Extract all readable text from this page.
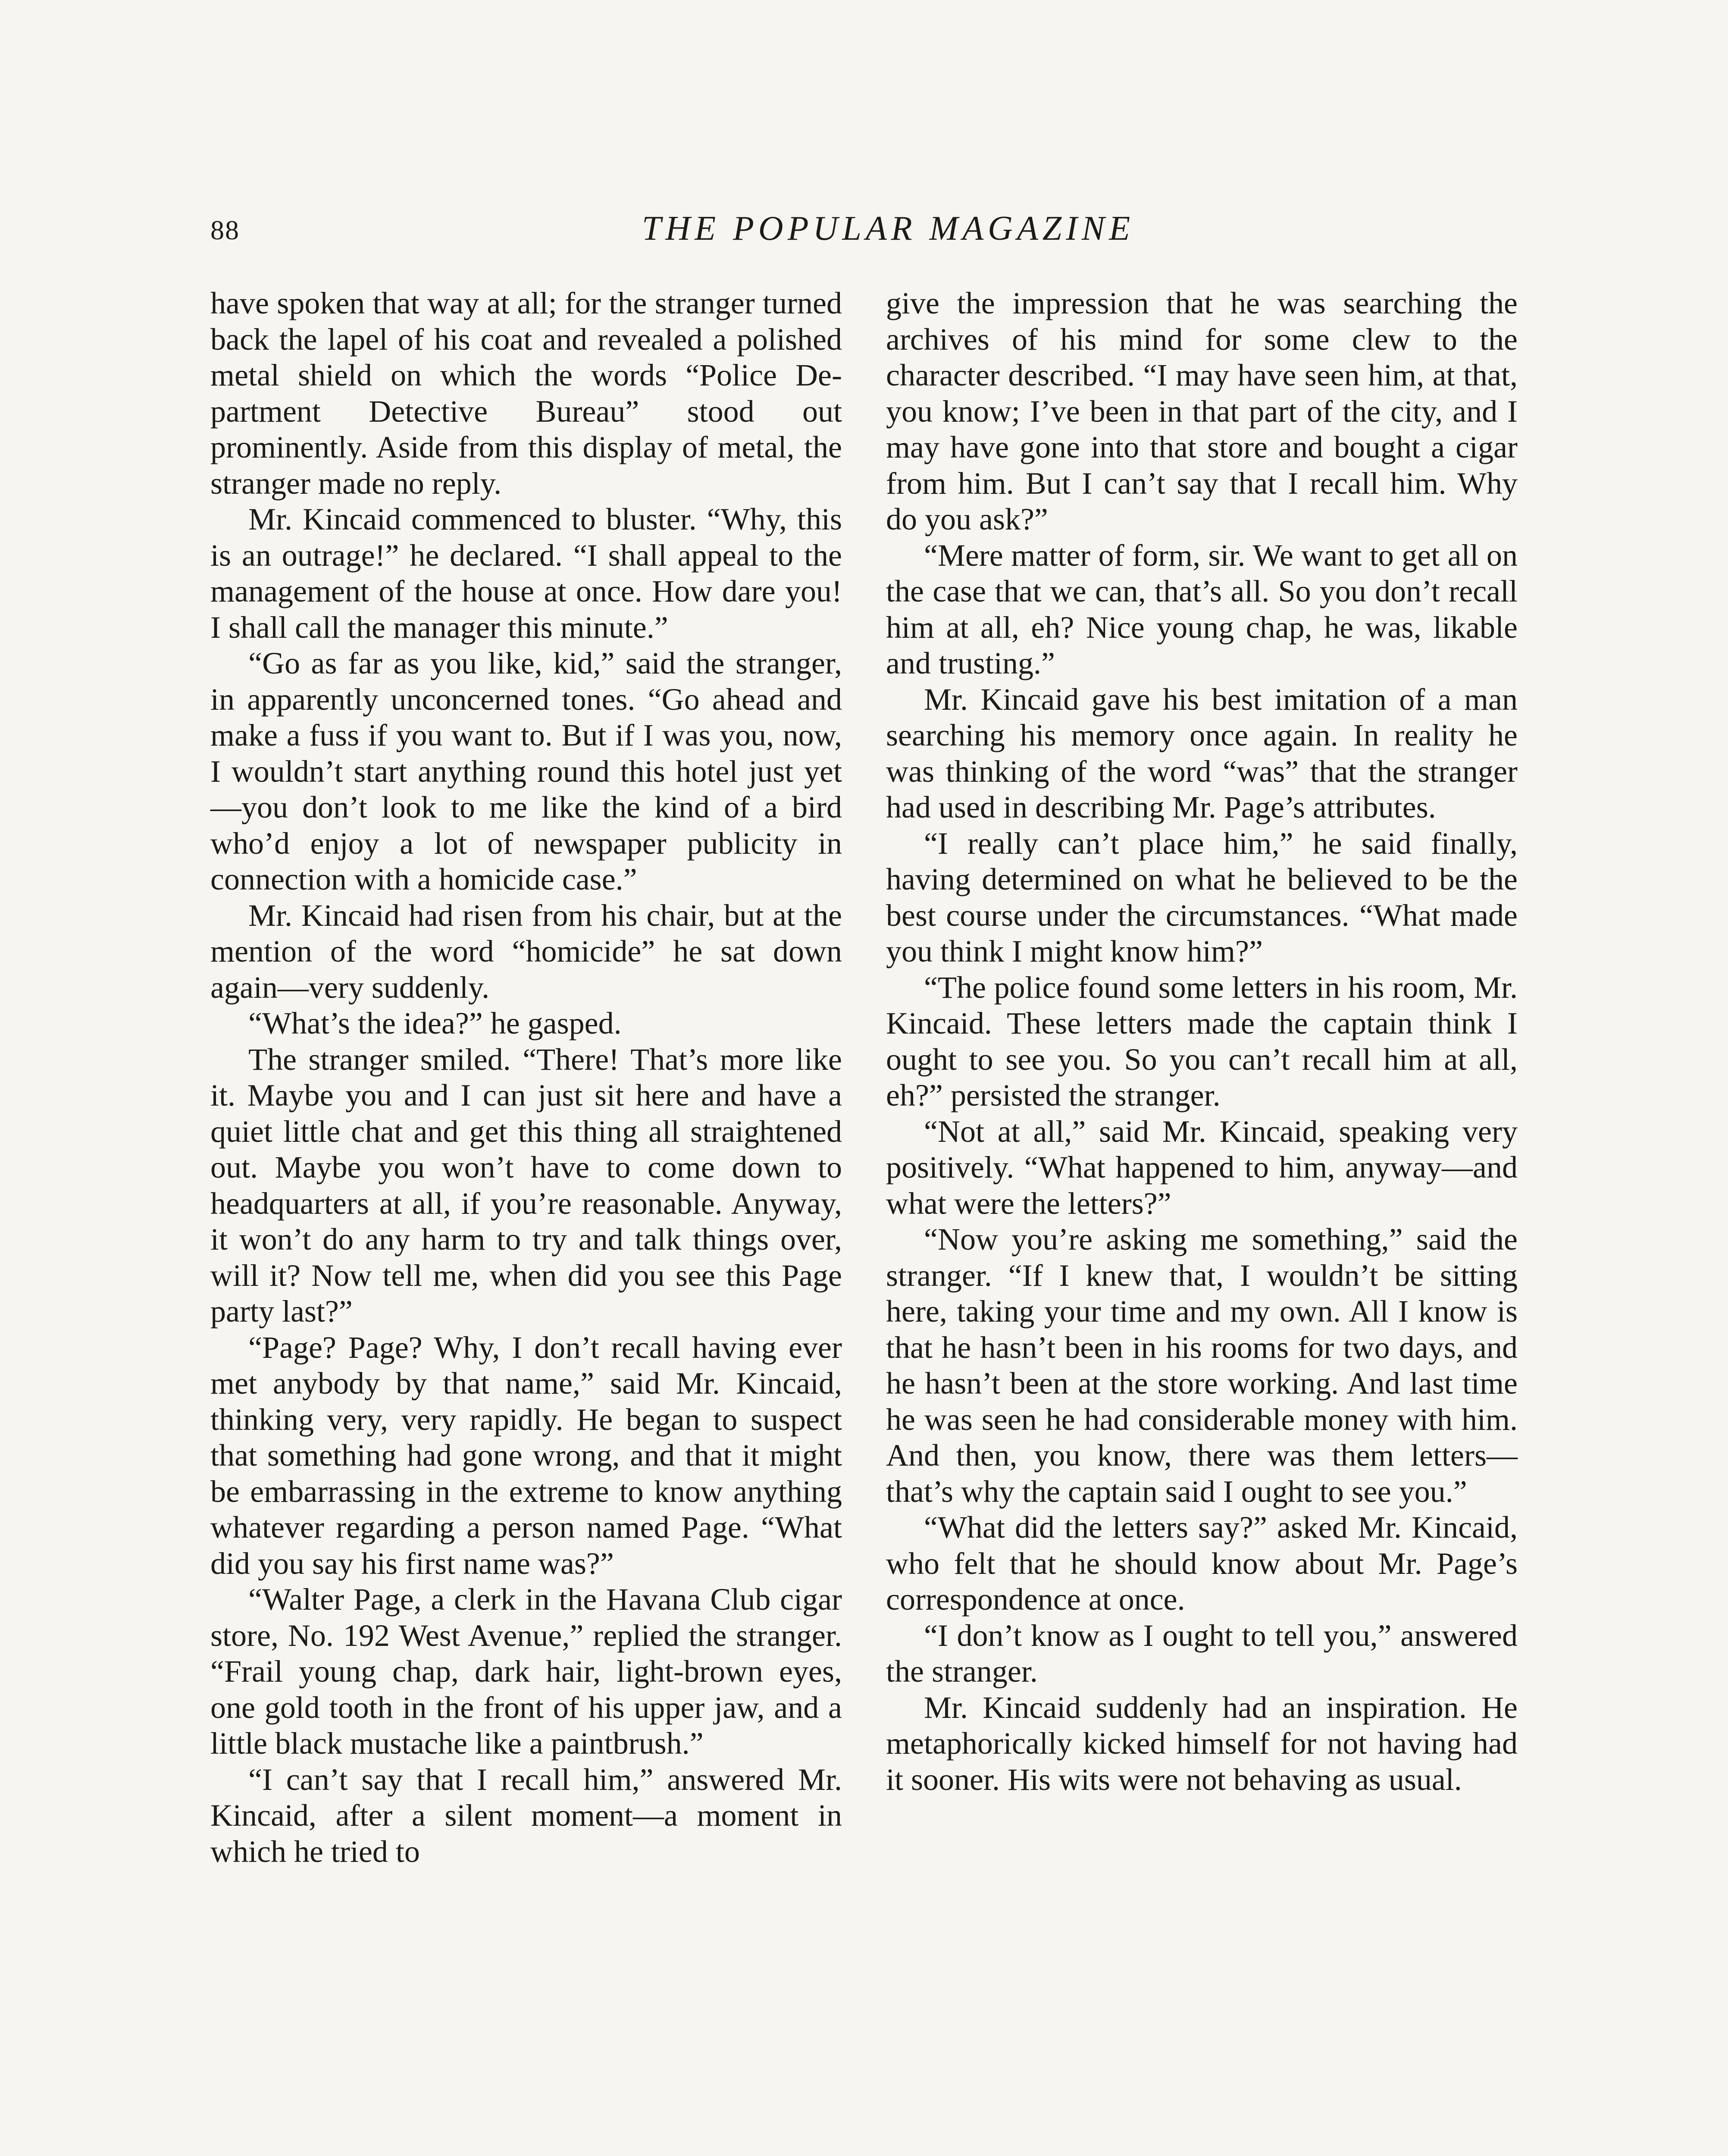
88	THE POPULAR MAGAZINE

have spoken that way at all; for the stranger turned back the lapel of his coat and revealed a polished metal shield on which the words “Police Department Detective Bureau” stood out prominently. Aside from this display of metal, the stranger made no reply.

Mr. Kincaid commenced to bluster. “Why, this is an outrage!” he declared. “I shall appeal to the management of the house at once. How dare you! I shall call the manager this minute.”

“Go as far as you like, kid,” said the stranger, in apparently unconcerned tones. “Go ahead and make a fuss if you want to. But if I was you, now, I wouldn’t start anything round this hotel just yet—you don’t look to me like the kind of a bird who’d enjoy a lot of newspaper publicity in connection with a homicide case.”

Mr. Kincaid had risen from his chair, but at the mention of the word “homicide” he sat down again—very suddenly.

“What’s the idea?” he gasped.

The stranger smiled. “There! That’s more like it. Maybe you and I can just sit here and have a quiet little chat and get this thing all straightened out. Maybe you won’t have to come down to headquarters at all, if you’re reasonable. Anyway, it won’t do any harm to try and talk things over, will it? Now tell me, when did you see this Page party last?”

“Page? Page? Why, I don’t recall having ever met anybody by that name,” said Mr. Kincaid, thinking very, very rapidly. He began to suspect that something had gone wrong, and that it might be embarrassing in the extreme to know anything whatever regarding a person named Page. “What did you say his first name was?”

“Walter Page, a clerk in the Havana Club cigar store, No. 192 West Avenue,” replied the stranger. “Frail young chap, dark hair, light-brown eyes, one gold tooth in the front of his upper jaw, and a little black mustache like a paintbrush.”

“I can’t say that I recall him,” answered Mr. Kincaid, after a silent moment—a moment in which he tried to

give the impression that he was searching the archives of his mind for some clew to the character described. “I may have seen him, at that, you know; I’ve been in that part of the city, and I may have gone into that store and bought a cigar from him. But I can’t say that I recall him. Why do you ask?”

“Mere matter of form, sir. We want to get all on the case that we can, that’s all. So you don’t recall him at all, eh? Nice young chap, he was, likable and trusting.”

Mr. Kincaid gave his best imitation of a man searching his memory once again. In reality he was thinking of the word “was” that the stranger had used in describing Mr. Page’s attributes.

“I really can’t place him,” he said finally, having determined on what he believed to be the best course under the circumstances. “What made you think I might know him?”

“The police found some letters in his room, Mr. Kincaid. These letters made the captain think I ought to see you. So you can’t recall him at all, eh?” persisted the stranger.

“Not at all,” said Mr. Kincaid, speaking very positively. “What happened to him, anyway—and what were the letters?”

“Now you’re asking me something,” said the stranger. “If I knew that, I wouldn’t be sitting here, taking your time and my own. All I know is that he hasn’t been in his rooms for two days, and he hasn’t been at the store working. And last time he was seen he had considerable money with him. And then, you know, there was them letters—that’s why the captain said I ought to see you.”

“What did the letters say?” asked Mr. Kincaid, who felt that he should know about Mr. Page’s correspondence at once.

“I don’t know as I ought to tell you,” answered the stranger.

Mr. Kincaid suddenly had an inspiration. He metaphorically kicked himself for not having had it sooner. His wits were not behaving as usual.
